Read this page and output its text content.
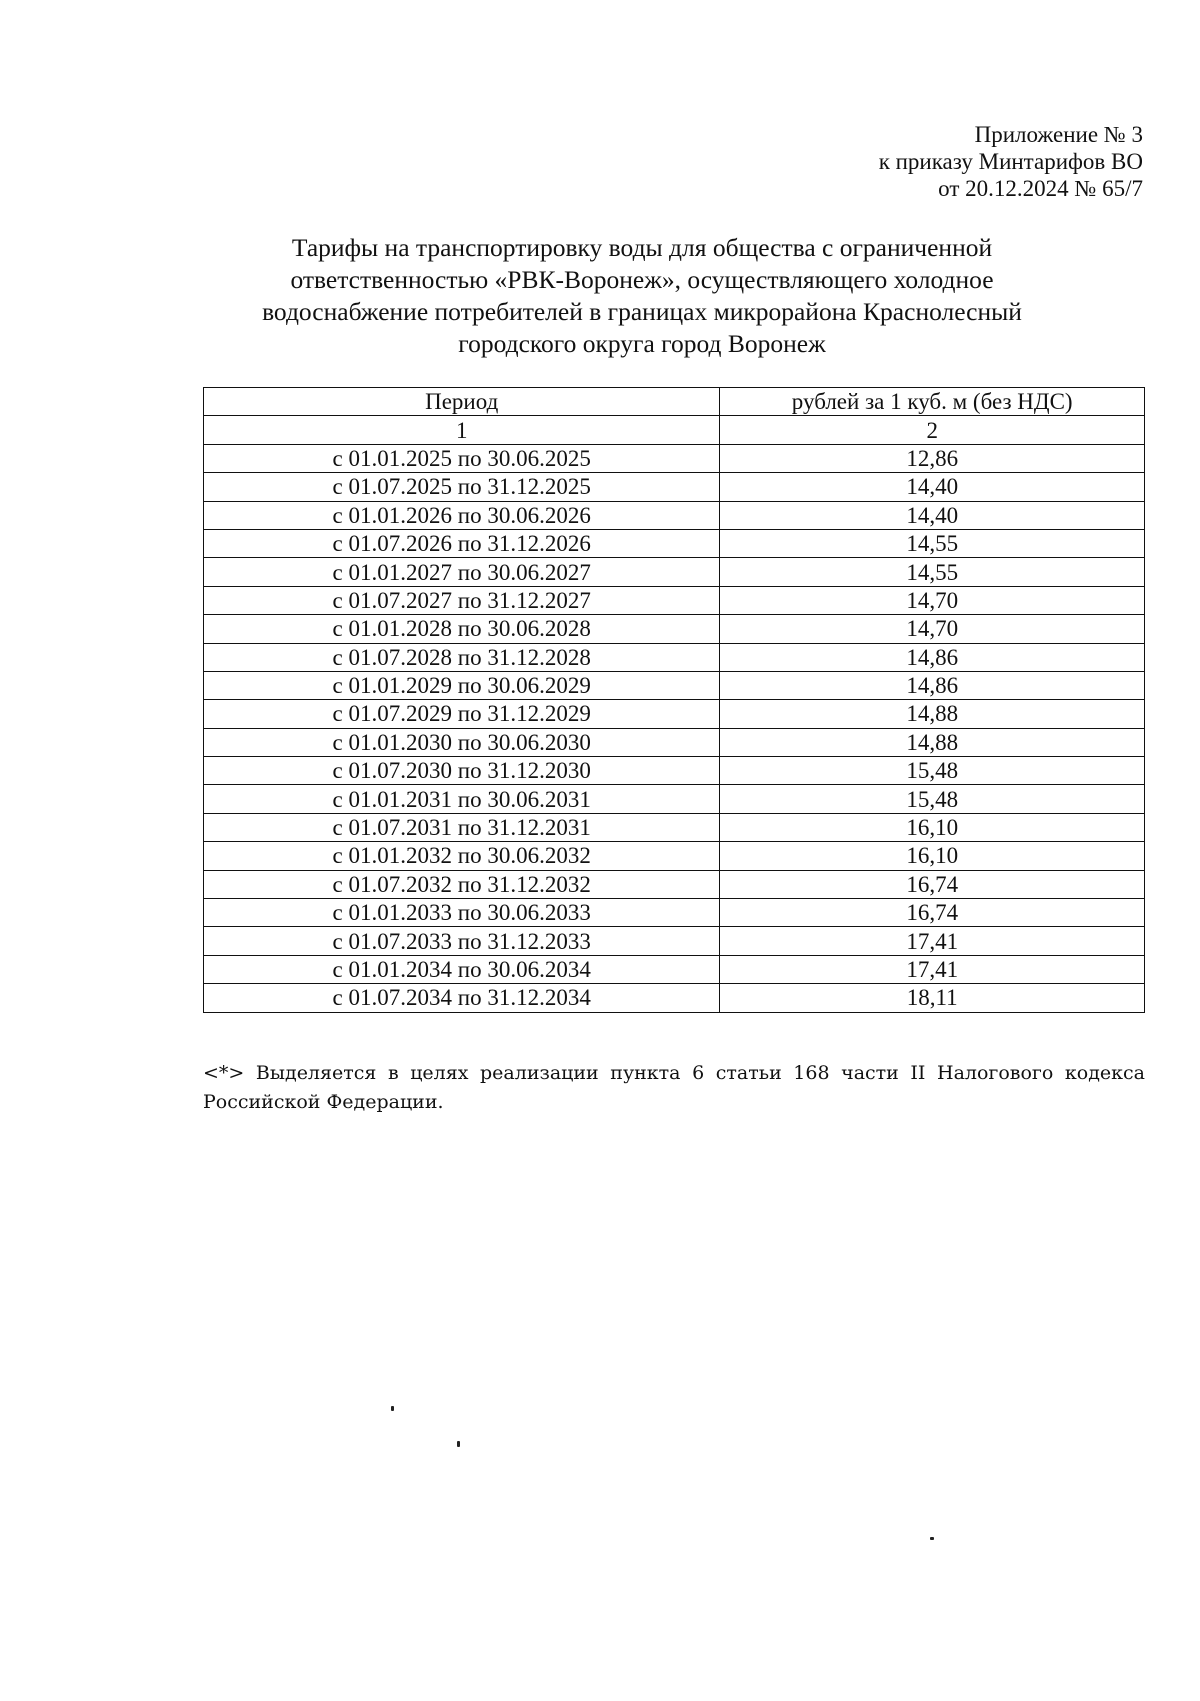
Приложение № 3
к приказу Минтарифов ВО
от 20.12.2024 № 65/7
Тарифы на транспортировку воды для общества с ограниченной
ответственностью «РВК-Воронеж», осуществляющего холодное
водоснабжение потребителей в границах микрорайона Краснолесный
городского округа город Воронеж
Период	рублей за 1 куб. м (без НДС)
1	2
с 01.01.2025 по 30.06.2025	12,86
с 01.07.2025 по 31.12.2025	14,40
с 01.01.2026 по 30.06.2026	14,40
с 01.07.2026 по 31.12.2026	14,55
с 01.01.2027 по 30.06.2027	14,55
с 01.07.2027 по 31.12.2027	14,70
с 01.01.2028 по 30.06.2028	14,70
с 01.07.2028 по 31.12.2028	14,86
с 01.01.2029 по 30.06.2029	14,86
с 01.07.2029 по 31.12.2029	14,88
с 01.01.2030 по 30.06.2030	14,88
с 01.07.2030 по 31.12.2030	15,48
с 01.01.2031 по 30.06.2031	15,48
с 01.07.2031 по 31.12.2031	16,10
с 01.01.2032 по 30.06.2032	16,10
с 01.07.2032 по 31.12.2032	16,74
с 01.01.2033 по 30.06.2033	16,74
с 01.07.2033 по 31.12.2033	17,41
с 01.01.2034 по 30.06.2034	17,41
с 01.07.2034 по 31.12.2034	18,11
<*> Выделяется в целях реализации пункта 6 статьи 168 части II Налогового кодекса Российской Федерации.
